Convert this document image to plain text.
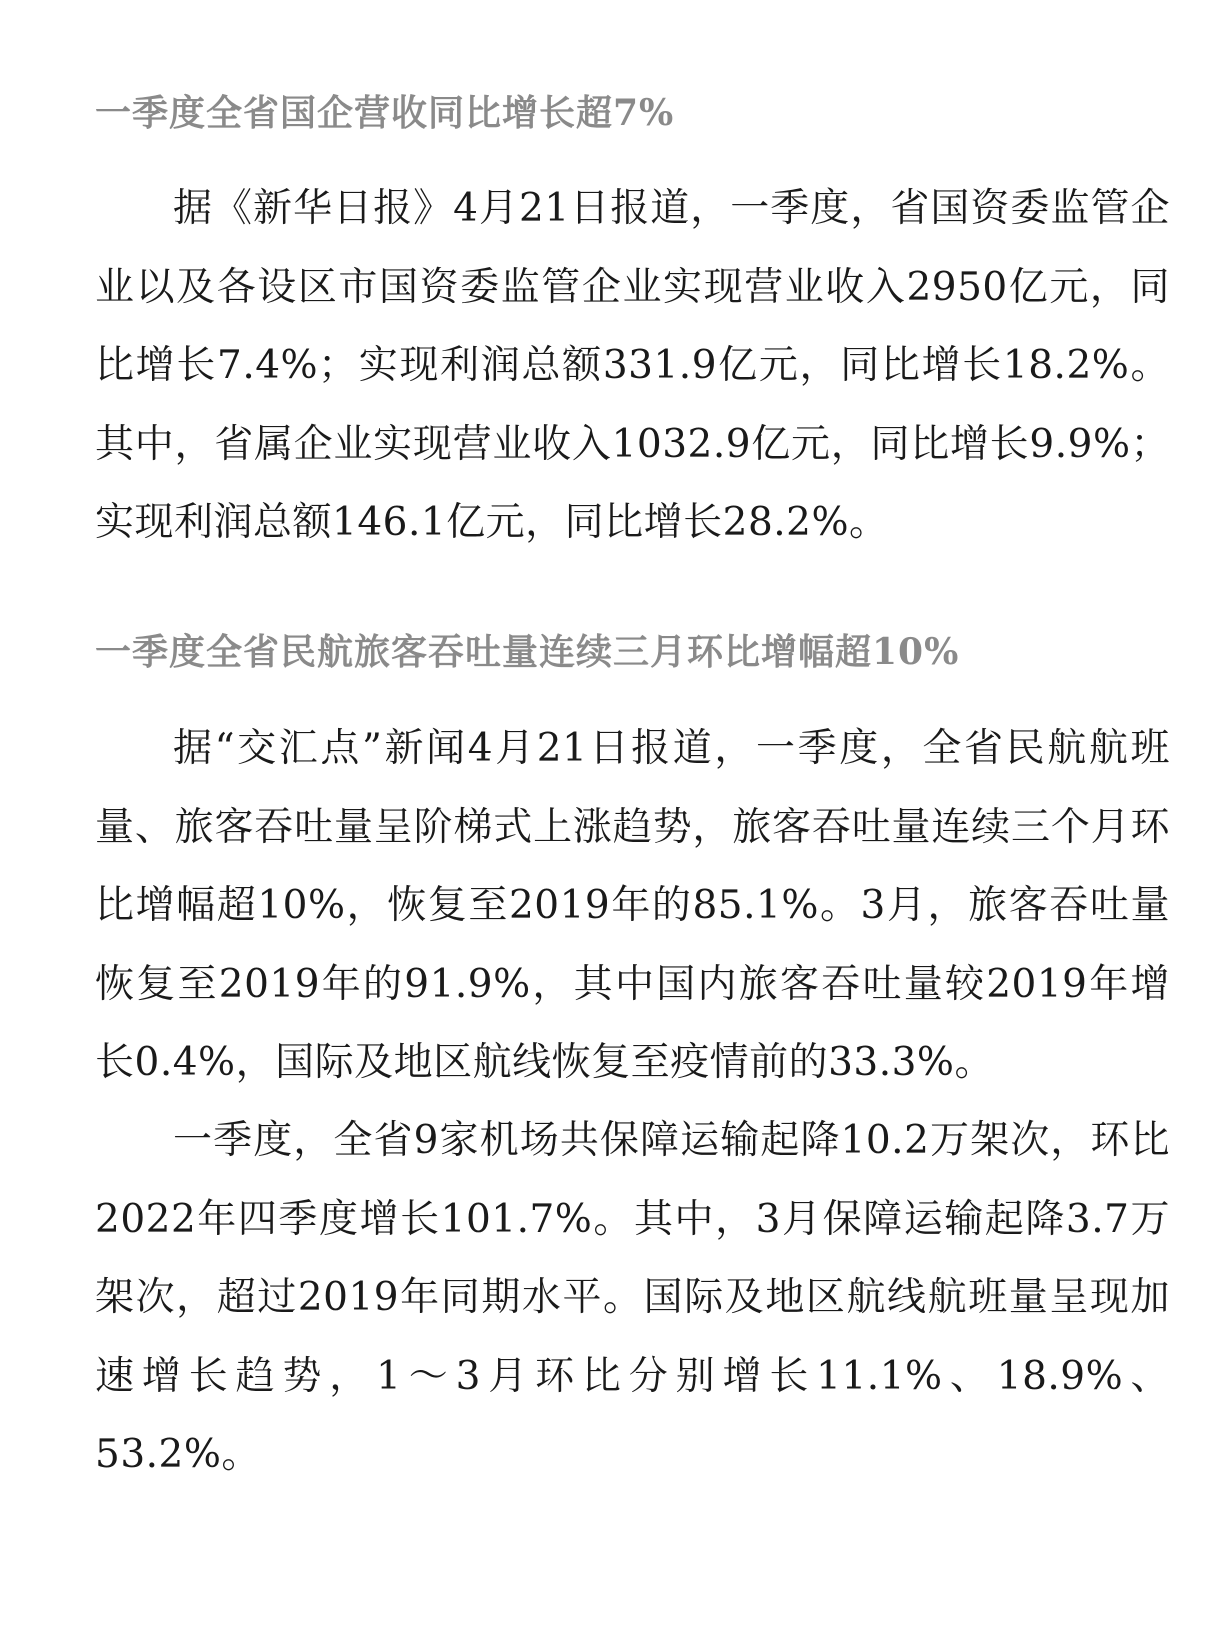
一季度全省国企营收同比增长超7%

据《新华日报》4月21日报道，一季度，省国资委监管企业以及各设区市国资委监管企业实现营业收入2950亿元，同比增长7.4%；实现利润总额331.9亿元，同比增长18.2%。其中，省属企业实现营业收入1032.9亿元，同比增长9.9%；实现利润总额146.1亿元，同比增长28.2%。

一季度全省民航旅客吞吐量连续三月环比增幅超10%

据“交汇点”新闻4月21日报道，一季度，全省民航航班量、旅客吞吐量呈阶梯式上涨趋势，旅客吞吐量连续三个月环比增幅超10%，恢复至2019年的85.1%。3月，旅客吞吐量恢复至2019年的91.9%，其中国内旅客吞吐量较2019年增长0.4%，国际及地区航线恢复至疫情前的33.3%。

一季度，全省9家机场共保障运输起降10.2万架次，环比2022年四季度增长101.7%。其中，3月保障运输起降3.7万架次，超过2019年同期水平。国际及地区航线航班量呈现加速增长趋势，1～3月环比分别增长11.1%、18.9%、53.2%。
